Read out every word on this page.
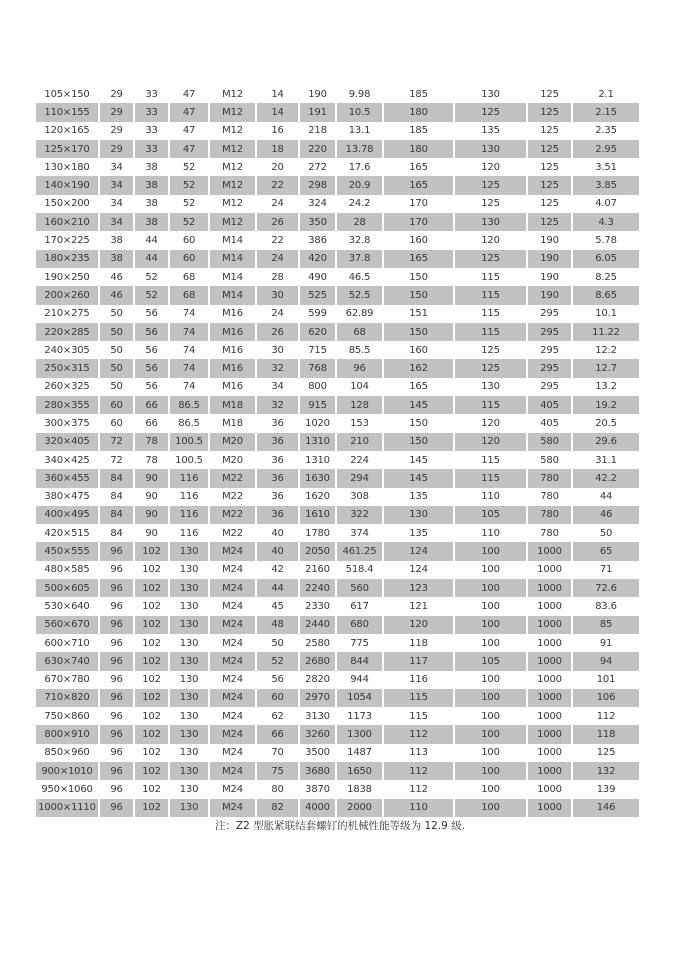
105×150	29	33	47	M12	14	190	9.98	185	130	125	2.1
110×155	29	33	47	M12	14	191	10.5	180	125	125	2.15
120×165	29	33	47	M12	16	218	13.1	185	135	125	2.35
125×170	29	33	47	M12	18	220	13.78	180	130	125	2.95
130×180	34	38	52	M12	20	272	17.6	165	120	125	3.51
140×190	34	38	52	M12	22	298	20.9	165	125	125	3.85
150×200	34	38	52	M12	24	324	24.2	170	125	125	4.07
160×210	34	38	52	M12	26	350	28	170	130	125	4.3
170×225	38	44	60	M14	22	386	32.8	160	120	190	5.78
180×235	38	44	60	M14	24	420	37.8	165	125	190	6.05
190×250	46	52	68	M14	28	490	46.5	150	115	190	8.25
200×260	46	52	68	M14	30	525	52.5	150	115	190	8.65
210×275	50	56	74	M16	24	599	62.89	151	115	295	10.1
220×285	50	56	74	M16	26	620	68	150	115	295	11.22
240×305	50	56	74	M16	30	715	85.5	160	125	295	12.2
250×315	50	56	74	M16	32	768	96	162	125	295	12.7
260×325	50	56	74	M16	34	800	104	165	130	295	13.2
280×355	60	66	86.5	M18	32	915	128	145	115	405	19.2
300×375	60	66	86.5	M18	36	1020	153	150	120	405	20.5
320×405	72	78	100.5	M20	36	1310	210	150	120	580	29.6
340×425	72	78	100.5	M20	36	1310	224	145	115	580	31.1
360×455	84	90	116	M22	36	1630	294	145	115	780	42.2
380×475	84	90	116	M22	36	1620	308	135	110	780	44
400×495	84	90	116	M22	36	1610	322	130	105	780	46
420×515	84	90	116	M22	40	1780	374	135	110	780	50
450×555	96	102	130	M24	40	2050	461.25	124	100	1000	65
480×585	96	102	130	M24	42	2160	518.4	124	100	1000	71
500×605	96	102	130	M24	44	2240	560	123	100	1000	72.6
530×640	96	102	130	M24	45	2330	617	121	100	1000	83.6
560×670	96	102	130	M24	48	2440	680	120	100	1000	85
600×710	96	102	130	M24	50	2580	775	118	100	1000	91
630×740	96	102	130	M24	52	2680	844	117	105	1000	94
670×780	96	102	130	M24	56	2820	944	116	100	1000	101
710×820	96	102	130	M24	60	2970	1054	115	100	1000	106
750×860	96	102	130	M24	62	3130	1173	115	100	1000	112
800×910	96	102	130	M24	66	3260	1300	112	100	1000	118
850×960	96	102	130	M24	70	3500	1487	113	100	1000	125
900×1010	96	102	130	M24	75	3680	1650	112	100	1000	132
950×1060	96	102	130	M24	80	3870	1838	112	100	1000	139
1000×1110	96	102	130	M24	82	4000	2000	110	100	1000	146
注：Z2 型胀紧联结套螺钉的机械性能等级为 12.9 级.
